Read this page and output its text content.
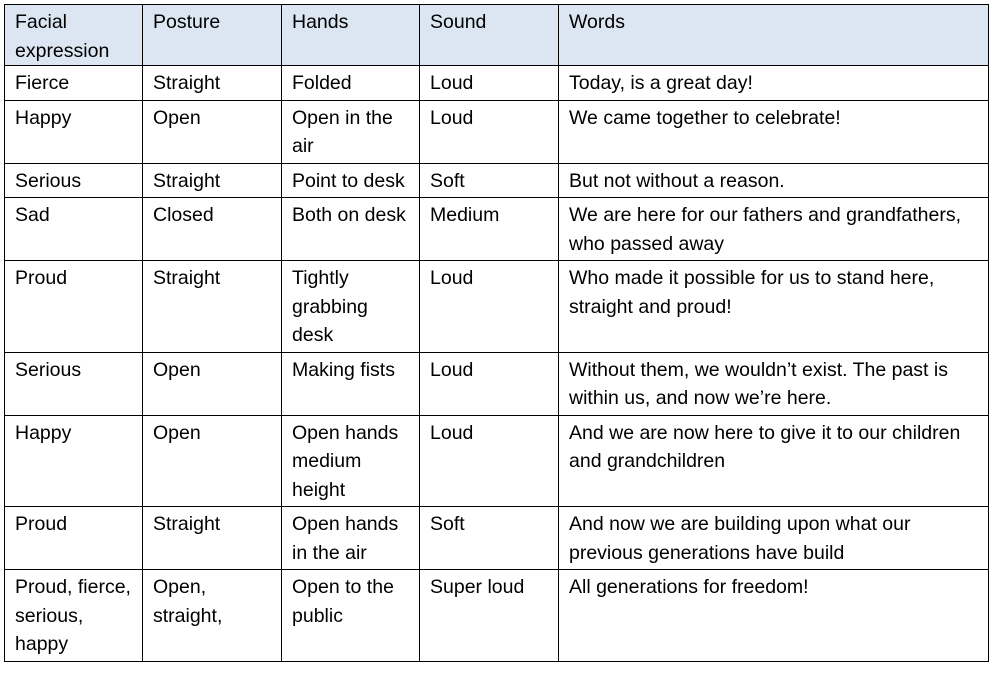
Facial expression	Posture	Hands	Sound	Words
Fierce	Straight	Folded	Loud	Today, is a great day!
Happy	Open	Open in the air	Loud	We came together to celebrate!
Serious	Straight	Point to desk	Soft	But not without a reason.
Sad	Closed	Both on desk	Medium	We are here for our fathers and grandfathers, who passed away
Proud	Straight	Tightly grabbing desk	Loud	Who made it possible for us to stand here, straight and proud!
Serious	Open	Making fists	Loud	Without them, we wouldn’t exist. The past is within us, and now we’re here.
Happy	Open	Open hands medium height	Loud	And we are now here to give it to our children and grandchildren
Proud	Straight	Open hands in the air	Soft	And now we are building upon what our previous generations have build
Proud, fierce, serious, happy	Open, straight,	Open to the public	Super loud	All generations for freedom!
